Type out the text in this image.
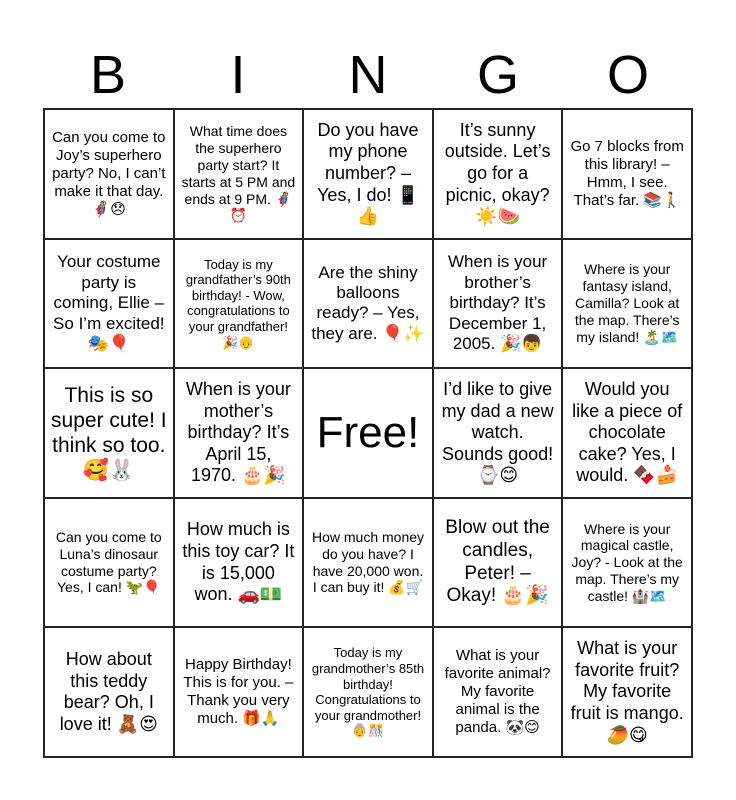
B	I	N	G	O
Can you come to Joy’s superhero party? No, I can’t make it that day. 🦸‍♀️😞
What time does the superhero party start? It starts at 5 PM and ends at 9 PM. 🦸‍♀️⏰
Do you have my phone number? – Yes, I do! 📱👍
It’s sunny outside. Let’s go for a picnic, okay? ☀️🍉
Go 7 blocks from this library! – Hmm, I see. That’s far. 📚🚶
Your costume party is coming, Ellie – So I’m excited! 🎭🎈
Today is my grandfather’s 90th birthday! - Wow, congratulations to your grandfather! 🎉👴
Are the shiny balloons ready? – Yes, they are. 🎈✨
When is your brother’s birthday? It’s December 1, 2005. 🎉👦
Where is your fantasy island, Camilla? Look at the map. There’s my island! 🏝️🗺️
This is so super cute! I think so too. 🥰🐰
When is your mother’s birthday? It’s April 15, 1970. 🎂🎉
Free!
I’d like to give my dad a new watch. Sounds good! ⌚😊
Would you like a piece of chocolate cake? Yes, I would. 🍫🍰
Can you come to Luna’s dinosaur costume party? Yes, I can! 🦖🎈
How much is this toy car? It is 15,000 won. 🚗💵
How much money do you have? I have 20,000 won. I can buy it! 💰🛒
Blow out the candles, Peter! – Okay! 🎂🎉
Where is your magical castle, Joy? - Look at the map. There’s my castle! 🏰🗺️
How about this teddy bear? Oh, I love it! 🧸😍
Happy Birthday! This is for you. – Thank you very much. 🎁🙏
Today is my grandmother’s 85th birthday! Congratulations to your grandmother! 👵🎊
What is your favorite animal? My favorite animal is the panda. 🐼😊
What is your favorite fruit? My favorite fruit is mango. 🥭😋
